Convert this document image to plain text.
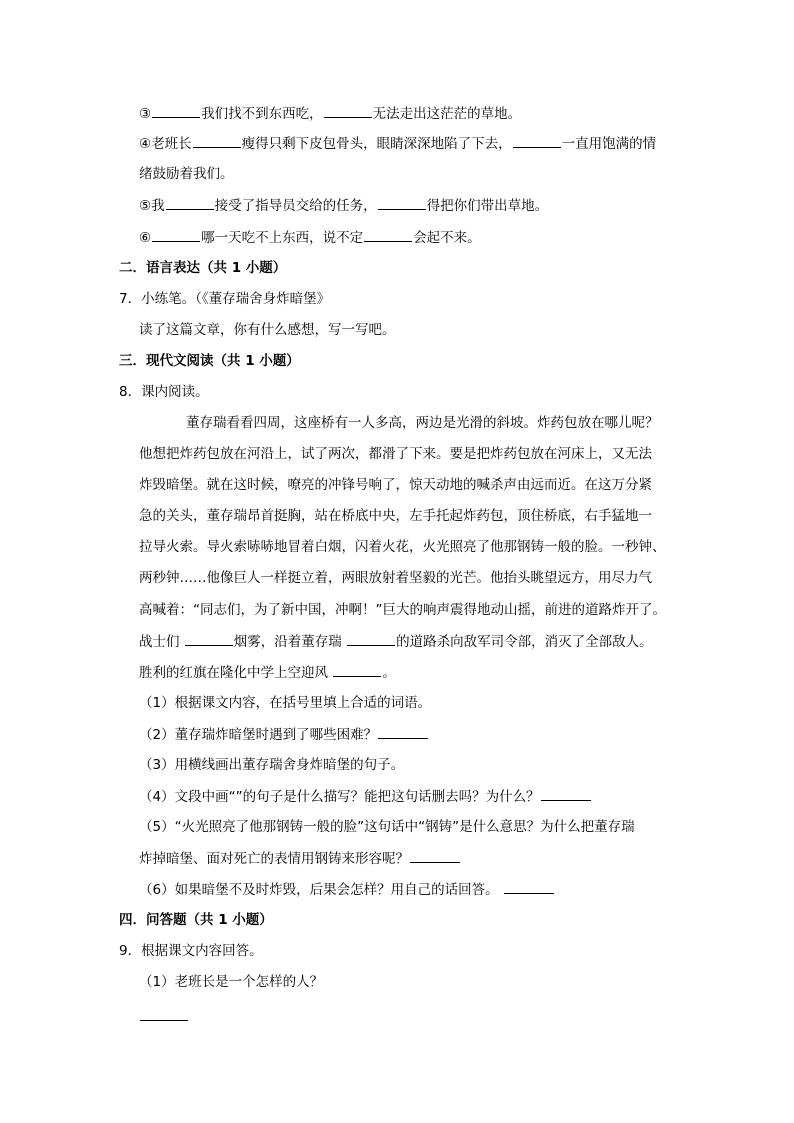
③	我们找不到东西吃，	无法走出这茫茫的草地。
④老班长	瘦得只剩下皮包骨头，眼睛深深地陷了下去，	一直用饱满的情
绪鼓励着我们。
⑤我	接受了指导员交给的任务，	得把你们带出草地。
⑥	哪一天吃不上东西，说不定	会起不来。
二．语言表达（共 1 小题）
7．小练笔。（《董存瑞舍身炸暗堡》
读了这篇文章，你有什么感想，写一写吧。
三．现代文阅读（共 1 小题）
8．课内阅读。
董存瑞看看四周，这座桥有一人多高，两边是光滑的斜坡。炸药包放在哪儿呢？
他想把炸药包放在河沿上，试了两次，都滑了下来。要是把炸药包放在河床上，又无法
炸毁暗堡。就在这时候，嘹亮的冲锋号响了，惊天动地的喊杀声由远而近。在这万分紧
急的关头，董存瑞昂首挺胸，站在桥底中央，左手托起炸药包，顶住桥底，右手猛地一
拉导火索。导火索哧哧地冒着白烟，闪着火花，火光照亮了他那钢铸一般的脸。一秒钟、
两秒钟……他像巨人一样挺立着，两眼放射着坚毅的光芒。他抬头眺望远方，用尽力气
高喊着：“同志们，为了新中国，冲啊！”巨大的响声震得地动山摇，前进的道路炸开了。
战士们	烟雾，沿着董存瑞	的道路杀向敌军司令部，消灭了全部敌人。
胜利的红旗在隆化中学上空迎风	。
（1）根据课文内容，在括号里填上合适的词语。
（2）董存瑞炸暗堡时遇到了哪些困难？
（3）用横线画出董存瑞舍身炸暗堡的句子。
（4）文段中画“”的句子是什么描写？能把这句话删去吗？为什么？
（5）“火光照亮了他那钢铸一般的脸”这句话中“钢铸”是什么意思？为什么把董存瑞
炸掉暗堡、面对死亡的表情用钢铸来形容呢？
（6）如果暗堡不及时炸毁，后果会怎样？用自己的话回答。
四．问答题（共 1 小题）
9．根据课文内容回答。
（1）老班长是一个怎样的人？
